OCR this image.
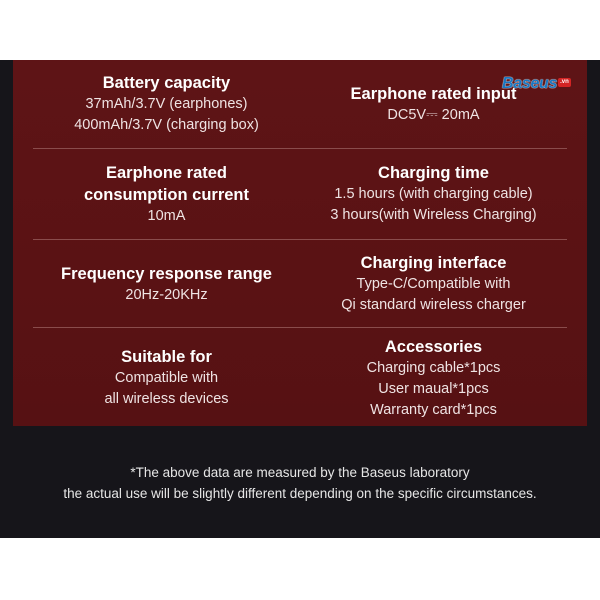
Battery capacity
37mAh/3.7V (earphones)
400mAh/3.7V (charging box)
Earphone rated input
DC5V⎓ 20mA
Earphone rated
consumption current
10mA
Charging time
1.5 hours (with charging cable)
3 hours(with Wireless Charging)
Frequency response range
20Hz-20KHz
Charging interface
Type-C/Compatible with
Qi standard wireless charger
Suitable for
Compatible with
all wireless devices
Accessories
Charging cable*1pcs
User maual*1pcs
Warranty card*1pcs
Baseus .vn
*The above data are measured by the Baseus laboratory
the actual use will be slightly different depending on the specific circumstances.
